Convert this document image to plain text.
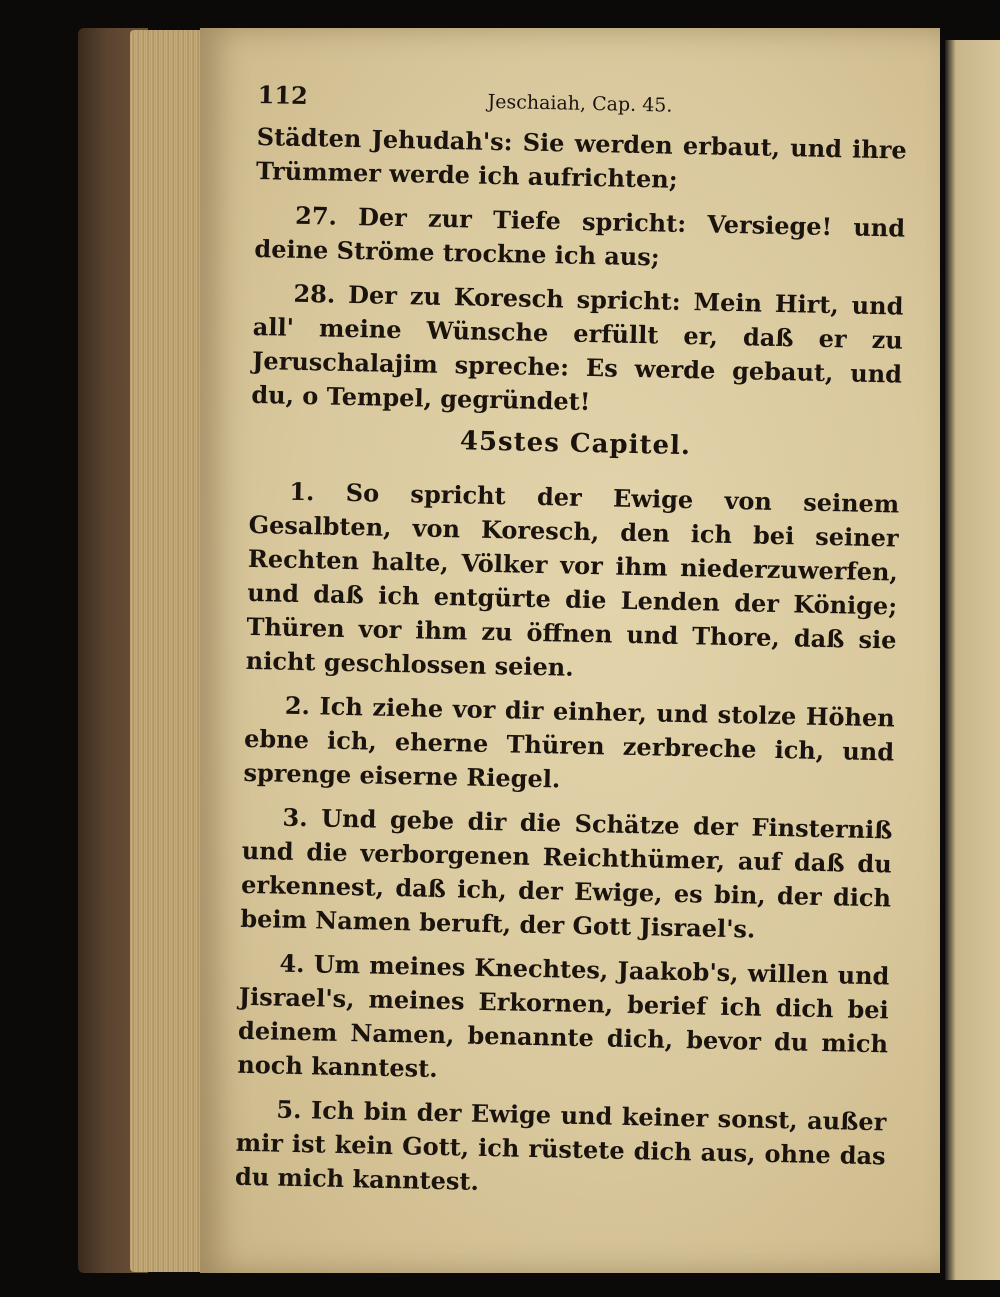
112	Jeschaiah, Cap. 45.

Städten Jehudah's: Sie werden erbaut, und ihre Trümmer werde ich aufrichten;

27. Der zur Tiefe spricht: Versiege! und deine Ströme trockne ich aus;

28. Der zu Koresch spricht: Mein Hirt, und all' meine Wünsche erfüllt er, daß er zu Jeruschalajim spreche: Es werde gebaut, und du, o Tempel, gegründet!

45stes Capitel.

1. So spricht der Ewige von seinem Gesalbten, von Koresch, den ich bei seiner Rechten halte, Völker vor ihm niederzuwerfen, und daß ich entgürte die Lenden der Könige; Thüren vor ihm zu öffnen und Thore, daß sie nicht geschlossen seien.

2. Ich ziehe vor dir einher, und stolze Höhen ebne ich, eherne Thüren zerbreche ich, und sprenge eiserne Riegel.

3. Und gebe dir die Schätze der Finsterniß und die verborgenen Reichthümer, auf daß du erkennest, daß ich, der Ewige, es bin, der dich beim Namen beruft, der Gott Jisrael's.

4. Um meines Knechtes, Jaakob's, willen und Jisrael's, meines Erkornen, berief ich dich bei deinem Namen, benannte dich, bevor du mich noch kanntest.

5. Ich bin der Ewige und keiner sonst, außer mir ist kein Gott, ich rüstete dich aus, ohne das du mich kanntest.
